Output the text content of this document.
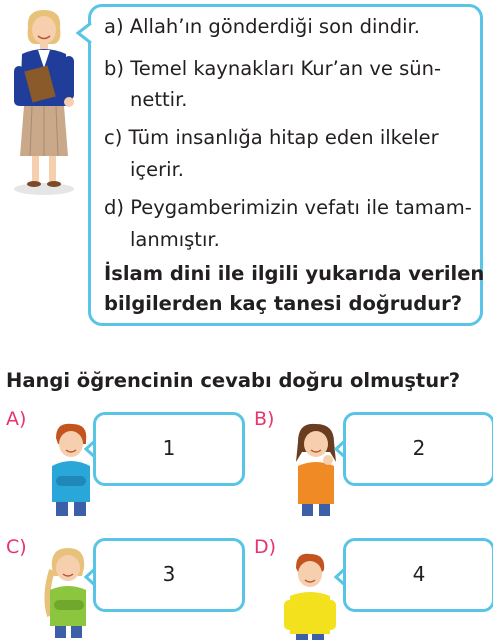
a) Allah’ın gönderdiği son dindir.
b) Temel kaynakları Kur’an ve sün-
nettir.
c) Tüm insanlığa hitap eden ilkeler
içerir.
d) Peygamberimizin vefatı ile tamam-
lanmıştır.
İslam dini ile ilgili yukarıda verilen
bilgilerden kaç tanesi doğrudur?
Hangi öğrencinin cevabı doğru olmuştur?
A)
1
B)
2
C)
3
D)
4
